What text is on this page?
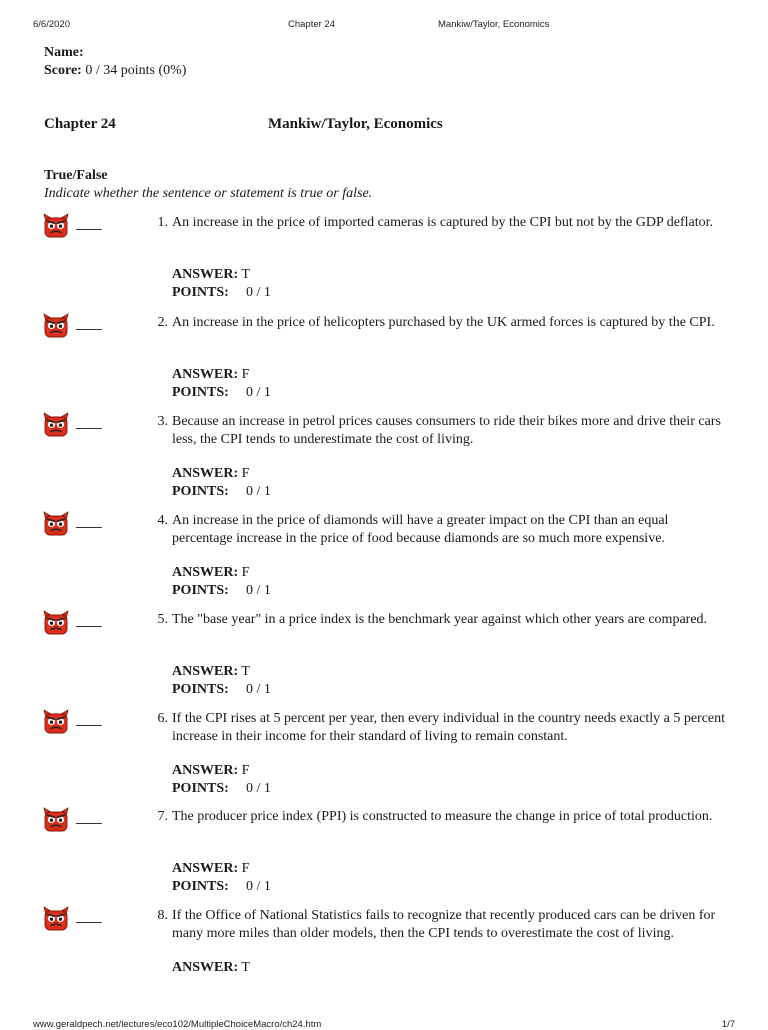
6/6/2020	Chapter 24	Mankiw/Taylor, Economics
Name:
Score: 0 / 34 points (0%)
Chapter 24	Mankiw/Taylor, Economics
True/False
Indicate whether the sentence or statement is true or false.
1. An increase in the price of imported cameras is captured by the CPI but not by the GDP deflator.
ANSWER: T
POINTS: 0 / 1
2. An increase in the price of helicopters purchased by the UK armed forces is captured by the CPI.
ANSWER: F
POINTS: 0 / 1
3. Because an increase in petrol prices causes consumers to ride their bikes more and drive their cars less, the CPI tends to underestimate the cost of living.
ANSWER: F
POINTS: 0 / 1
4. An increase in the price of diamonds will have a greater impact on the CPI than an equal percentage increase in the price of food because diamonds are so much more expensive.
ANSWER: F
POINTS: 0 / 1
5. The "base year" in a price index is the benchmark year against which other years are compared.
ANSWER: T
POINTS: 0 / 1
6. If the CPI rises at 5 percent per year, then every individual in the country needs exactly a 5 percent increase in their income for their standard of living to remain constant.
ANSWER: F
POINTS: 0 / 1
7. The producer price index (PPI) is constructed to measure the change in price of total production.
ANSWER: F
POINTS: 0 / 1
8. If the Office of National Statistics fails to recognize that recently produced cars can be driven for many more miles than older models, then the CPI tends to overestimate the cost of living.
ANSWER: T
www.geraldpech.net/lectures/eco102/MultipleChoiceMacro/ch24.htm	1/7
